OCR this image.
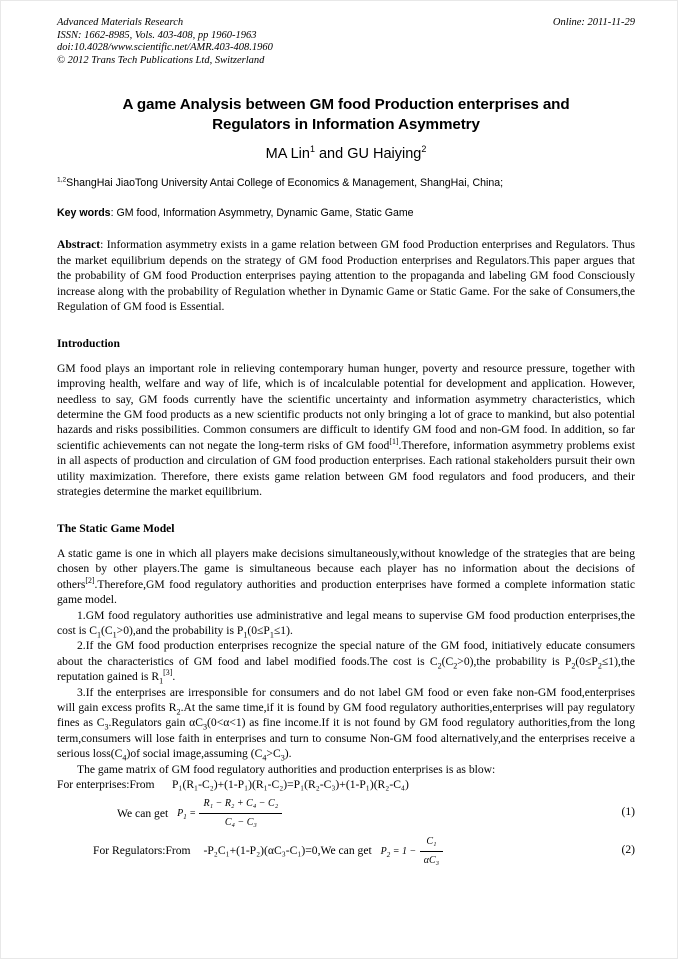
Advanced Materials Research
ISSN: 1662-8985, Vols. 403-408, pp 1960-1963
doi:10.4028/www.scientific.net/AMR.403-408.1960
© 2012 Trans Tech Publications Ltd, Switzerland
Online: 2011-11-29
A game Analysis between GM food Production enterprises and
Regulators in Information Asymmetry
MA Lin$^1$ and GU Haiying$^2$
$^{1,2}$ShangHai JiaoTong University Antai College of Economics & Management, ShangHai, China;
Key words: GM food, Information Asymmetry, Dynamic Game, Static Game
Abstract: Information asymmetry exists in a game relation between GM food Production enterprises and Regulators. Thus the market equilibrium depends on the strategy of GM food Production enterprises and Regulators.This paper argues that the probability of GM food Production enterprises paying attention to the propaganda and labeling GM food Consciously increase along with the probability of Regulation whether in Dynamic Game or Static Game. For the sake of Consumers,the Regulation of GM food is Essential.
Introduction

GM food plays an important role in relieving contemporary human hunger, poverty and resource pressure, together with improving health, welfare and way of life, which is of incalculable potential for development and application. However, needless to say, GM foods currently have the scientific uncertainty and information asymmetry characteristics, which determine the GM food products as a new scientific products not only bringing a lot of grace to mankind, but also potential hazards and risks possibilities. Common consumers are difficult to identify GM food and non-GM food. In addition, so far scientific achievements can not negate the long-term risks of GM food[1].Therefore, information asymmetry problems exist in all aspects of production and circulation of GM food production enterprises. Each rational stakeholders pursuit their own utility maximization. Therefore, there exists game relation between GM food regulators and food producers, and their strategies determine the market equilibrium.

The Static Game Model

A static game is one in which all players make decisions simultaneously,without knowledge of the strategies that are being chosen by other players.The game is simultaneous because each player has no information about the decisions of others[2].Therefore,GM food regulatory authorities and production enterprises have formed a complete information static game model.

1.GM food regulatory authorities use administrative and legal means to supervise GM food production enterprises,the cost is $C_1(C_1>0),and$ the probability is $P_1(0\le P_1\le 1)$.

2.If the GM food production enterprises recognize the special nature of the GM food, initiatively educate consumers about the characteristics of GM food and label modified foods.The cost is $C_2(C_2>0),the$ probability is $P_2(0\le P_2\le 1),the$ reputation gained is $R_1[3]$.

3.If the enterprises are irresponsible for consumers and do not label GM food or even fake non-GM food,enterprises will gain excess profits $R_2.At$ the same time,if it is found by GM food regulatory authorities,enterprises will pay regulatory fines as $C_3.Regulators$ gain $\alpha C_3(0<\alpha<1)$ as fine income.If it is not found by GM food regulatory authorities,from the long term,consumers will lose faith in enterprises and turn to consume Non-GM food alternatively,and the enterprises receive a serious $loss(C_4)of$ social image,assuming $(C_4>C_3)$.

The game matrix of GM food regulatory authorities and production enterprises is as blow:

For enterprises:From P₁(R₁-C₂)+(1-P₁)(R₁-C₂)=P₁(R₂-C₃)+(1-P₁)(R₂-C₄)

We can get $P_1 = \frac{\text{R₁ − R₂ + C₄ − C₂}}{\text{C₄ − C₃}}$	(1)
For Regulators:From -P₂C₁+(1-P₂)(αC₃-C₁)=0,We can get $P_2 = 1 - \frac{\text{C₁}}{\text{αC₃}}$	(2)
